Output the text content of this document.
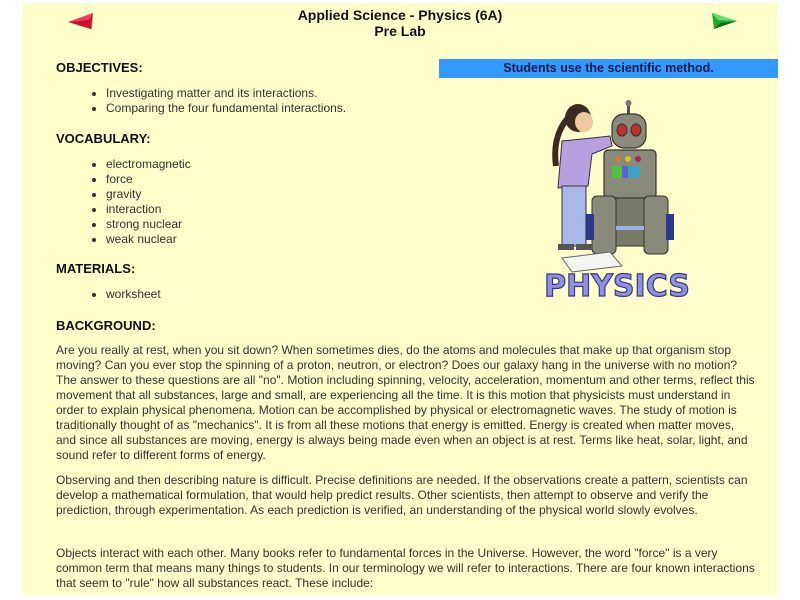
Applied Science - Physics (6A)
Pre Lab
Students use the scientific method.
OBJECTIVES:
• Investigating matter and its interactions.
• Comparing the four fundamental interactions.
VOCABULARY:
• electromagnetic
• force
• gravity
• interaction
• strong nuclear
• weak nuclear
MATERIALS:
• worksheet
BACKGROUND:
PHYSICS

Are you really at rest, when you sit down? When sometimes dies, do the atoms and molecules that make up that organism stop moving? Can you ever stop the spinning of a proton, neutron, or electron? Does our galaxy hang in the universe with no motion? The answer to these questions are all "no". Motion including spinning, velocity, acceleration, momentum and other terms, reflect this movement that all substances, large and small, are experiencing all the time. It is this motion that physicists must understand in order to explain physical phenomena. Motion can be accomplished by physical or electromagnetic waves. The study of motion is traditionally thought of as "mechanics". It is from all these motions that energy is emitted. Energy is created when matter moves, and since all substances are moving, energy is always being made even when an object is at rest. Terms like heat, solar, light, and sound refer to different forms of energy.

Observing and then describing nature is difficult. Precise definitions are needed. If the observations create a pattern, scientists can develop a mathematical formulation, that would help predict results. Other scientists, then attempt to observe and verify the prediction, through experimentation. As each prediction is verified, an understanding of the physical world slowly evolves.

Objects interact with each other. Many books refer to fundamental forces in the Universe. However, the word "force" is a very common term that means many things to students. In our terminology we will refer to interactions. There are four known interactions that seem to "rule" how all substances react. These include:
